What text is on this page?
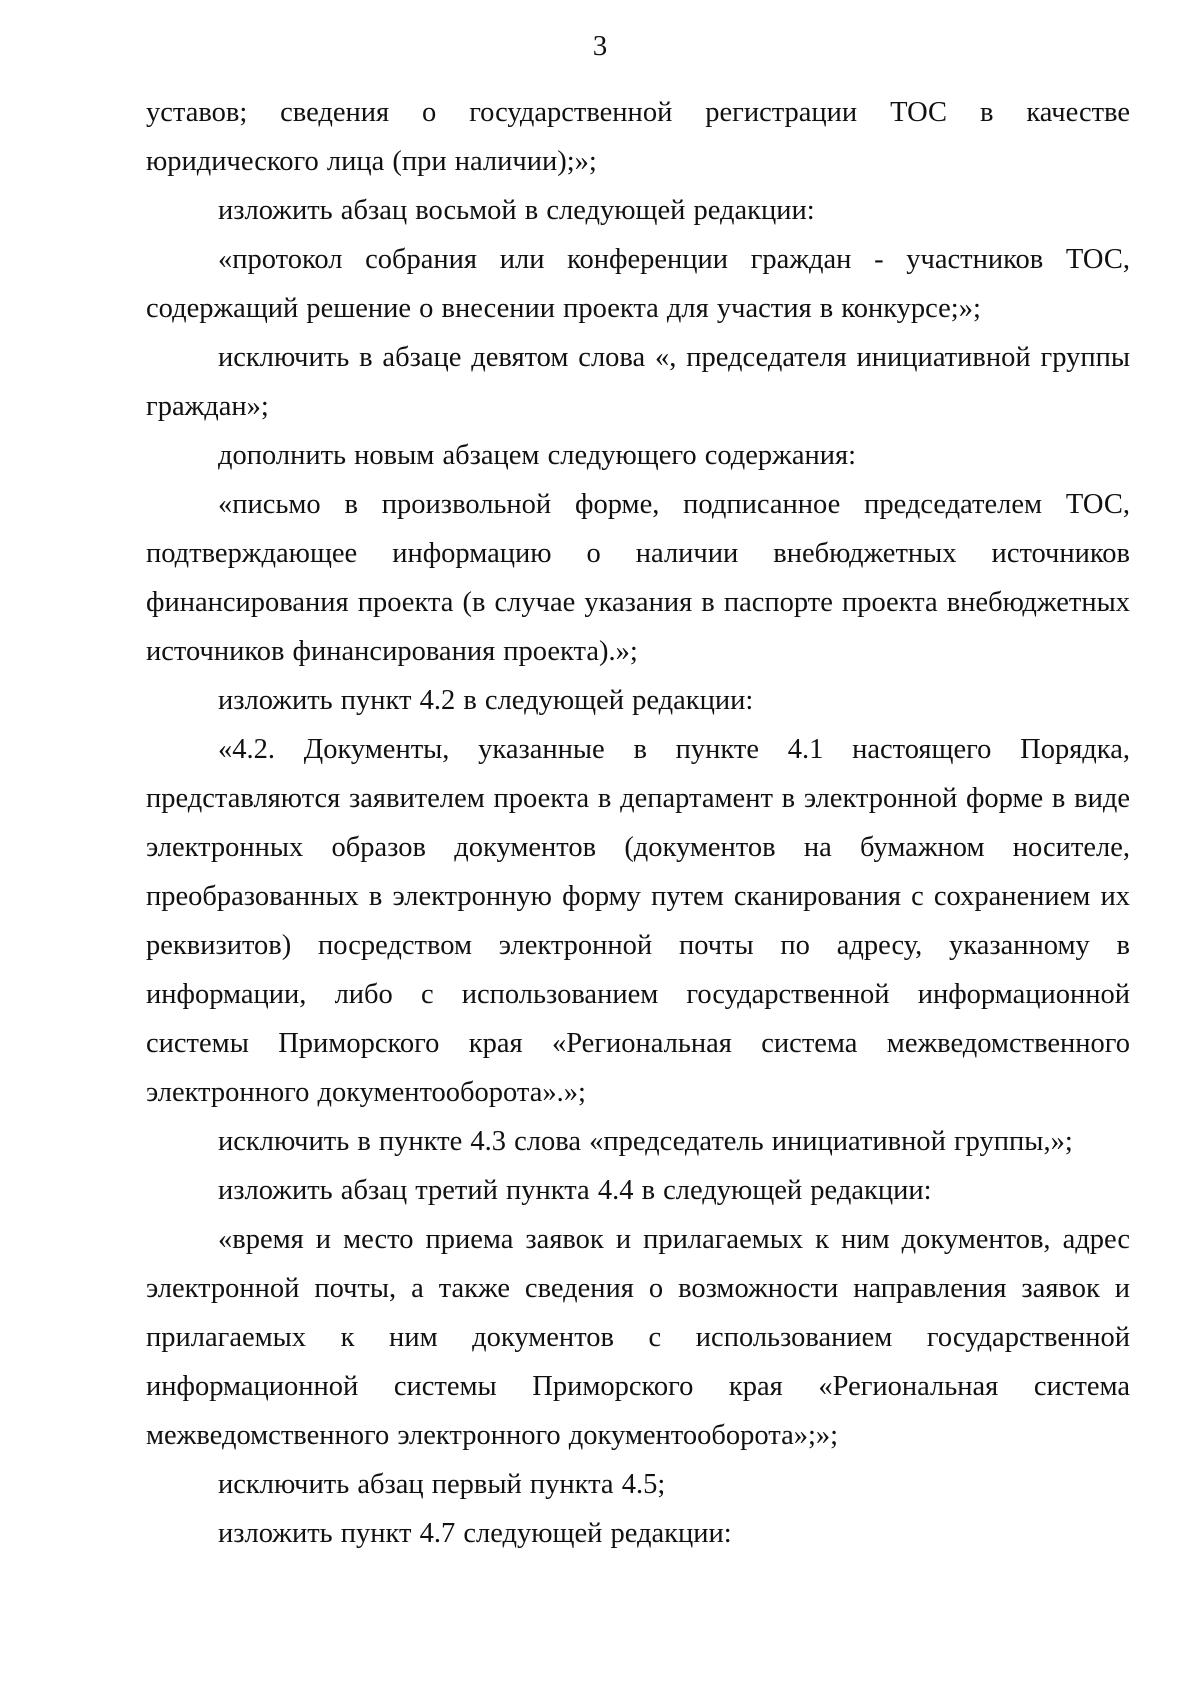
3

уставов; сведения о государственной регистрации ТОС в качестве юридического лица (при наличии);»;

изложить абзац восьмой в следующей редакции:

«протокол собрания или конференции граждан - участников ТОС, содержащий решение о внесении проекта для участия в конкурсе;»;

исключить в абзаце девятом слова «, председателя инициативной группы граждан»;

дополнить новым абзацем следующего содержания:

«письмо в произвольной форме, подписанное председателем ТОС, подтверждающее информацию о наличии внебюджетных источников финансирования проекта (в случае указания в паспорте проекта внебюджетных источников финансирования проекта).»;

изложить пункт 4.2 в следующей редакции:

«4.2. Документы, указанные в пункте 4.1 настоящего Порядка, представляются заявителем проекта в департамент в электронной форме в виде электронных образов документов (документов на бумажном носителе, преобразованных в электронную форму путем сканирования с сохранением их реквизитов) посредством электронной почты по адресу, указанному в информации, либо с использованием государственной информационной системы Приморского края «Региональная система межведомственного электронного документооборота».»;

исключить в пункте 4.3 слова «председатель инициативной группы,»;

изложить абзац третий пункта 4.4 в следующей редакции:

«время и место приема заявок и прилагаемых к ним документов, адрес электронной почты, а также сведения о возможности направления заявок и прилагаемых к ним документов с использованием государственной информационной системы Приморского края «Региональная система межведомственного электронного документооборота»;»;

исключить абзац первый пункта 4.5;

изложить пункт 4.7 следующей редакции:
